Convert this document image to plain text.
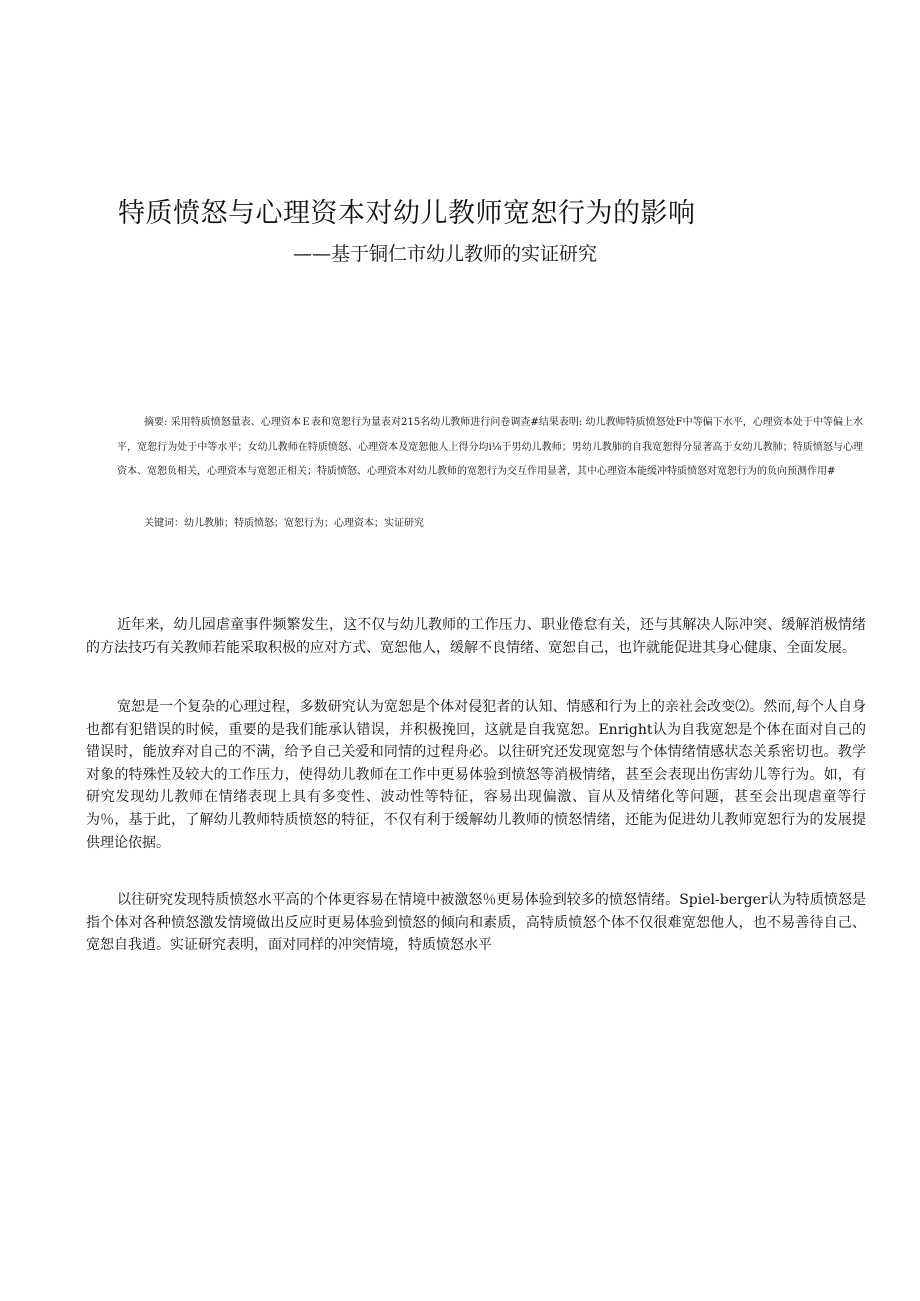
特质愤怒与心理资本对幼儿教师宽恕行为的影响
——基于铜仁市幼儿教师的实证研究

摘要: 采用特质愤怒量表、心理资本Ｅ表和宽恕行为量表对215名幼儿教师进行问卷调查#结果表明: 幼儿教师特质愤怒处F中等偏下水平，心理资本处于中等偏上水平，宽恕行为处于中等水平；女幼儿教师在特质愤怒、心理资本及宽恕他人上得分均i⅛于男幼儿教师；男幼儿教肺的自我宽恕得分显著高于女幼儿教肺；特质愤怒与心理资本、宽恕负相关，心理资本与宽恕正相关；特质愤怒、心理资本对幼儿教师的宽恕行为交互作用显著，其中心理资本能缓冲特质愤怒对宽恕行为的负向预测作用#

关键词：幼儿教肺；特质愤怒；宽恕行为；心理资本；实证研究

近年来，幼儿园虐童事件频繁发生，这不仅与幼儿教师的工作压力、职业倦怠有关，还与其解决人际冲突、缓解消极情绪的方法技巧有关教师若能采取积极的应对方式、宽恕他人，缓解不良情绪、宽恕自己，也许就能促进其身心健康、全面发展。

宽恕是一个复杂的心理过程，多数研究认为宽恕是个体对侵犯者的认知、情感和行为上的亲社会改变⑵。然而,每个人自身也都有犯错误的时候，重要的是我们能承认错误，并积极挽回，这就是自我宽恕。Enright认为自我宽恕是个体在面对自己的错误时，能放弃对自己的不满，给予自己关爱和同情的过程舟必。以往研究还发现宽恕与个体情绪情感状态关系密切也。教学对象的特殊性及较大的工作压力，使得幼儿教师在工作中更易体验到愤怒等消极情绪，甚至会表现出伤害幼儿等行为。如，有研究发现幼儿教师在情绪表现上具有多变性、波动性等特征，容易出现偏激、盲从及情绪化等问题，甚至会出现虐童等行为％，基于此，了解幼儿教师特质愤怒的特征，不仅有利于缓解幼儿教师的愤怒情绪，还能为促进幼儿教师宽恕行为的发展提供理论依据。

以往研究发现特质愤怒水平高的个体更容易在情境中被激怒％更易体验到较多的愤怒情绪。Spiel-berger认为特质愤怒是指个体对各种愤怒激发情境做出反应时更易体验到愤怒的倾向和素质，高特质愤怒个体不仅很难宽恕他人，也不易善待自己、宽恕自我逍。实证研究表明，面对同样的冲突情境，特质愤怒水平
